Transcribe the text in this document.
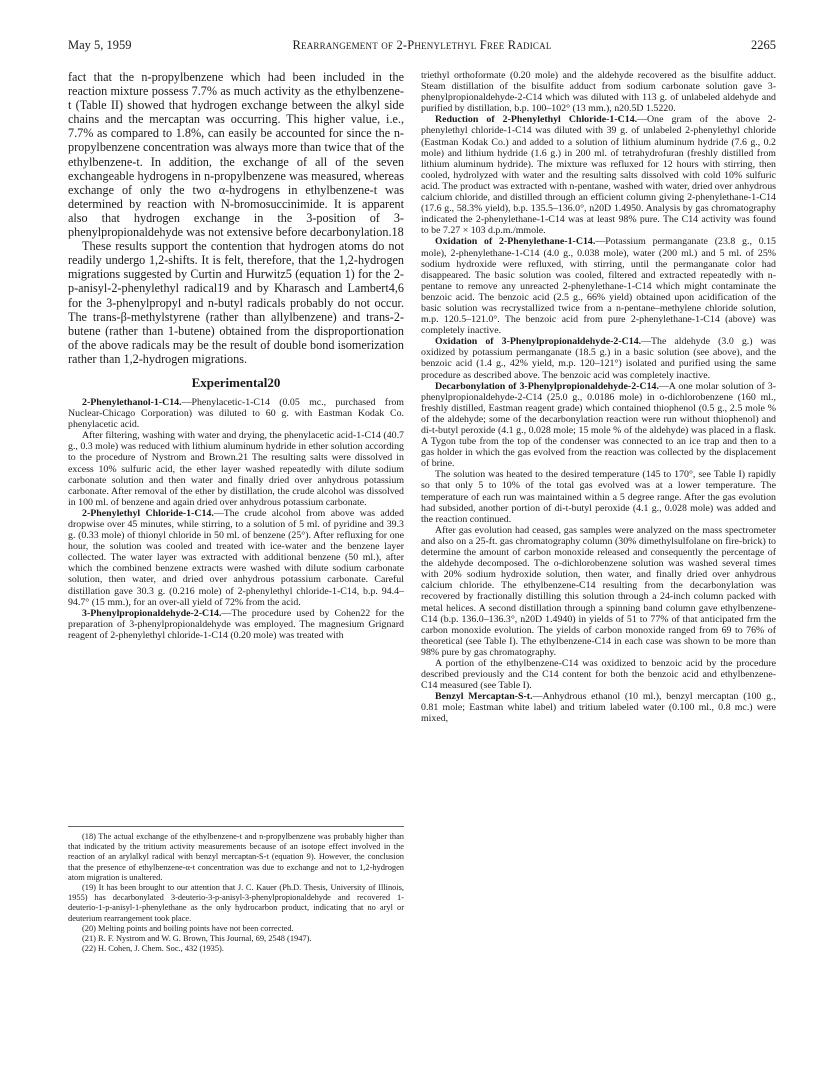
May 5, 1959	Rearrangement of 2-Phenylethyl Free Radical	2265

fact that the n-propylbenzene which had been included in the reaction mixture possess 7.7% as much activity as the ethylbenzene-t (Table II) showed that hydrogen exchange between the alkyl side chains and the mercaptan was occurring. This higher value, i.e., 7.7% as compared to 1.8%, can easily be accounted for since the n-propylbenzene concentration was always more than twice that of the ethylbenzene-t. In addition, the exchange of all of the seven exchangeable hydrogens in n-propylbenzene was measured, whereas exchange of only the two α-hydrogens in ethylbenzene-t was determined by reaction with N-bromosuccinimide. It is apparent also that hydrogen exchange in the 3-position of 3-phenylpropionaldehyde was not extensive before decarbonylation.18

These results support the contention that hydrogen atoms do not readily undergo 1,2-shifts. It is felt, therefore, that the 1,2-hydrogen migrations suggested by Curtin and Hurwitz5 (equation 1) for the 2-p-anisyl-2-phenylethyl radical19 and by Kharasch and Lambert4,6 for the 3-phenylpropyl and n-butyl radicals probably do not occur. The trans-β-methylstyrene (rather than allylbenzene) and trans-2-butene (rather than 1-butene) obtained from the disproportionation of the above radicals may be the result of double bond isomerization rather than 1,2-hydrogen migrations.

Experimental20

2-Phenylethanol-1-C14.—Phenylacetic-1-C14 (0.05 mc., purchased from Nuclear-Chicago Corporation) was diluted to 60 g. with Eastman Kodak Co. phenylacetic acid.

After filtering, washing with water and drying, the phenylacetic acid-1-C14 (40.7 g., 0.3 mole) was reduced with lithium aluminum hydride in ether solution according to the procedure of Nystrom and Brown.21 The resulting salts were dissolved in excess 10% sulfuric acid, the ether layer washed repeatedly with dilute sodium carbonate solution and then water and finally dried over anhydrous potassium carbonate. After removal of the ether by distillation, the crude alcohol was dissolved in 100 ml. of benzene and again dried over anhydrous potassium carbonate.

2-Phenylethyl Chloride-1-C14.—The crude alcohol from above was added dropwise over 45 minutes, while stirring, to a solution of 5 ml. of pyridine and 39.3 g. (0.33 mole) of thionyl chloride in 50 ml. of benzene (25°). After refluxing for one hour, the solution was cooled and treated with ice-water and the benzene layer collected. The water layer was extracted with additional benzene (50 ml.), after which the combined benzene extracts were washed with dilute sodium carbonate solution, then water, and dried over anhydrous potassium carbonate. Careful distillation gave 30.3 g. (0.216 mole) of 2-phenylethyl chloride-1-C14, b.p. 94.4–94.7° (15 mm.), for an over-all yield of 72% from the acid.

3-Phenylpropionaldehyde-2-C14.—The procedure used by Cohen22 for the preparation of 3-phenylpropionaldehyde was employed. The magnesium Grignard reagent of 2-phenylethyl chloride-1-C14 (0.20 mole) was treated with

(18) The actual exchange of the ethylbenzene-t and n-propylbenzene was probably higher than that indicated by the tritium activity measurements because of an isotope effect involved in the reaction of an arylalkyl radical with benzyl mercaptan-S-t (equation 9). However, the conclusion that the presence of ethylbenzene-α-t concentration was due to exchange and not to 1,2-hydrogen atom migration is unaltered.

(19) It has been brought to our attention that J. C. Kauer (Ph.D. Thesis, University of Illinois, 1955) has decarbonylated 3-deuterio-3-p-anisyl-3-phenylpropionaldehyde and recovered 1-deuterio-1-p-anisyl-1-phenylethane as the only hydrocarbon product, indicating that no aryl or deuterium rearrangement took place.

(20) Melting points and boiling points have not been corrected.

(21) R. F. Nystrom and W. G. Brown, This Journal, 69, 2548 (1947).

(22) H. Cohen, J. Chem. Soc., 432 (1935).

triethyl orthoformate (0.20 mole) and the aldehyde recovered as the bisulfite adduct. Steam distillation of the bisulfite adduct from sodium carbonate solution gave 3-phenylpropionaldehyde-2-C14 which was diluted with 113 g. of unlabeled aldehyde and purified by distillation, b.p. 100–102° (13 mm.), n20.5D 1.5220.

Reduction of 2-Phenylethyl Chloride-1-C14.—One gram of the above 2-phenylethyl chloride-1-C14 was diluted with 39 g. of unlabeled 2-phenylethyl chloride (Eastman Kodak Co.) and added to a solution of lithium aluminum hydride (7.6 g., 0.2 mole) and lithium hydride (1.6 g.) in 200 ml. of tetrahydrofuran (freshly distilled from lithium aluminum hydride). The mixture was refluxed for 12 hours with stirring, then cooled, hydrolyzed with water and the resulting salts dissolved with cold 10% sulfuric acid. The product was extracted with n-pentane, washed with water, dried over anhydrous calcium chloride, and distilled through an efficient column giving 2-phenylethane-1-C14 (17.6 g., 58.3% yield), b.p. 135.5–136.0°, n20D 1.4950. Analysis by gas chromatography indicated the 2-phenylethane-1-C14 was at least 98% pure. The C14 activity was found to be 7.27 × 103 d.p.m./mmole.

Oxidation of 2-Phenylethane-1-C14.—Potassium permanganate (23.8 g., 0.15 mole), 2-phenylethane-1-C14 (4.0 g., 0.038 mole), water (200 ml.) and 5 ml. of 25% sodium hydroxide were refluxed, with stirring, until the permanganate color had disappeared. The basic solution was cooled, filtered and extracted repeatedly with n-pentane to remove any unreacted 2-phenylethane-1-C14 which might contaminate the benzoic acid. The benzoic acid (2.5 g., 66% yield) obtained upon acidification of the basic solution was recrystallized twice from a n-pentane–methylene chloride solution, m.p. 120.5–121.0°. The benzoic acid from pure 2-phenylethane-1-C14 (above) was completely inactive.

Oxidation of 3-Phenylpropionaldehyde-2-C14.—The aldehyde (3.0 g.) was oxidized by potassium permanganate (18.5 g.) in a basic solution (see above), and the benzoic acid (1.4 g., 42% yield, m.p. 120–121°) isolated and purified using the same procedure as described above. The benzoic acid was completely inactive.

Decarbonylation of 3-Phenylpropionaldehyde-2-C14.—A one molar solution of 3-phenylpropionaldehyde-2-C14 (25.0 g., 0.0186 mole) in o-dichlorobenzene (160 ml., freshly distilled, Eastman reagent grade) which contained thiophenol (0.5 g., 2.5 mole % of the aldehyde; some of the decarbonylation reaction were run without thiophenol) and di-t-butyl peroxide (4.1 g., 0.028 mole; 15 mole % of the aldehyde) was placed in a flask. A Tygon tube from the top of the condenser was connected to an ice trap and then to a gas holder in which the gas evolved from the reaction was collected by the displacement of brine.

The solution was heated to the desired temperature (145 to 170°, see Table I) rapidly so that only 5 to 10% of the total gas evolved was at a lower temperature. The temperature of each run was maintained within a 5 degree range. After the gas evolution had subsided, another portion of di-t-butyl peroxide (4.1 g., 0.028 mole) was added and the reaction continued.

After gas evolution had ceased, gas samples were analyzed on the mass spectrometer and also on a 25-ft. gas chromatography column (30% dimethylsulfolane on fire-brick) to determine the amount of carbon monoxide released and consequently the percentage of the aldehyde decomposed. The o-dichlorobenzene solution was washed several times with 20% sodium hydroxide solution, then water, and finally dried over anhydrous calcium chloride. The ethylbenzene-C14 resulting from the decarbonylation was recovered by fractionally distilling this solution through a 24-inch column packed with metal helices. A second distillation through a spinning band column gave ethylbenzene-C14 (b.p. 136.0–136.3°, n20D 1.4940) in yields of 51 to 77% of that anticipated frm the carbon monoxide evolution. The yields of carbon monoxide ranged from 69 to 76% of theoretical (see Table I). The ethylbenzene-C14 in each case was shown to be more than 98% pure by gas chromatography.

A portion of the ethylbenzene-C14 was oxidized to benzoic acid by the procedure described previously and the C14 content for both the benzoic acid and ethylbenzene-C14 measured (see Table I).

Benzyl Mercaptan-S-t.—Anhydrous ethanol (10 ml.), benzyl mercaptan (100 g., 0.81 mole; Eastman white label) and tritium labeled water (0.100 ml., 0.8 mc.) were mixed,
